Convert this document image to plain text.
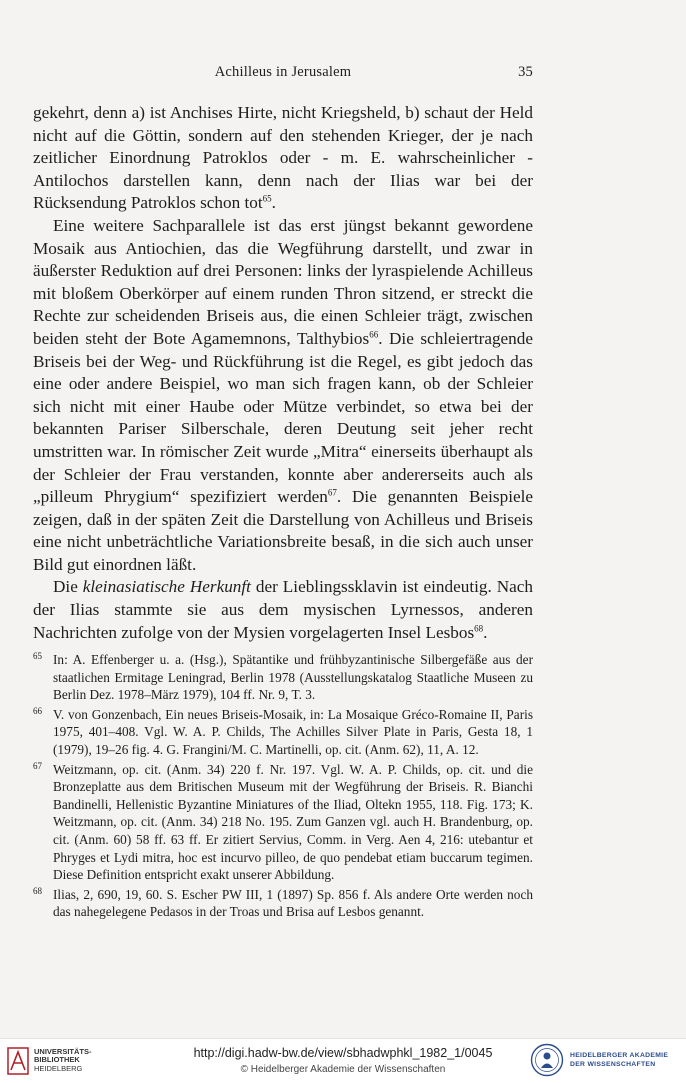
Achilleus in Jerusalem	35

gekehrt, denn a) ist Anchises Hirte, nicht Kriegsheld, b) schaut der Held nicht auf die Göttin, sondern auf den stehenden Krieger, der je nach zeitlicher Einordnung Patroklos oder - m. E. wahrscheinlicher - Antilochos darstellen kann, denn nach der Ilias war bei der Rücksendung Patroklos schon tot$^{65}$.

Eine weitere Sachparallele ist das erst jüngst bekannt gewordene Mosaik aus Antiochien, das die Wegführung darstellt, und zwar in äußerster Reduktion auf drei Personen: links der lyraspielende Achilleus mit bloßem Oberkörper auf einem runden Thron sitzend, er streckt die Rechte zur scheidenden Briseis aus, die einen Schleier trägt, zwischen beiden steht der Bote Agamemnons, Talthybios$^{66}$. Die schleiertragende Briseis bei der Weg- und Rückführung ist die Regel, es gibt jedoch das eine oder andere Beispiel, wo man sich fragen kann, ob der Schleier sich nicht mit einer Haube oder Mütze verbindet, so etwa bei der bekannten Pariser Silberschale, deren Deutung seit jeher recht umstritten war. In römischer Zeit wurde „Mitra“ einerseits überhaupt als der Schleier der Frau verstanden, konnte aber andererseits auch als „pilleum Phrygium“ spezifiziert werden$^{67}$. Die genannten Beispiele zeigen, daß in der späten Zeit die Darstellung von Achilleus und Briseis eine nicht unbeträchtliche Variationsbreite besaß, in die sich auch unser Bild gut einordnen läßt.

Die kleinasiatische Herkunft der Lieblingssklavin ist eindeutig. Nach der Ilias stammte sie aus dem mysischen Lyrnessos, anderen Nachrichten zufolge von der Mysien vorgelagerten Insel Lesbos$^{68}$.

65 In: A. Effenberger u. a. (Hsg.), Spätantike und frühbyzantinische Silbergefäße aus der staatlichen Ermitage Leningrad, Berlin 1978 (Ausstellungskatalog Staatliche Museen zu Berlin Dez. 1978–März 1979), 104 ff. Nr. 9, T. 3.
66 V. von Gonzenbach, Ein neues Briseis-Mosaik, in: La Mosaique Gréco-Romaine II, Paris 1975, 401–408. Vgl. W. A. P. Childs, The Achilles Silver Plate in Paris, Gesta 18, 1 (1979), 19–26 fig. 4. G. Frangini/M. C. Martinelli, op. cit. (Anm. 62), 11, A. 12.
67 Weitzmann, op. cit. (Anm. 34) 220 f. Nr. 197. Vgl. W. A. P. Childs, op. cit. und die Bronzeplatte aus dem Britischen Museum mit der Wegführung der Briseis. R. Bianchi Bandinelli, Hellenistic Byzantine Miniatures of the Iliad, Oltekn 1955, 118. Fig. 173; K. Weitzmann, op. cit. (Anm. 34) 218 No. 195. Zum Ganzen vgl. auch H. Brandenburg, op. cit. (Anm. 60) 58 ff. 63 ff. Er zitiert Servius, Comm. in Verg. Aen 4, 216: utebantur et Phryges et Lydi mitra, hoc est incurvo pilleo, de quo pendebat etiam buccarum tegimen. Diese Definition entspricht exakt unserer Abbildung.
68 Ilias, 2, 690, 19, 60. S. Escher PW III, 1 (1897) Sp. 856 f. Als andere Orte werden noch das nahegelegene Pedasos in der Troas und Brisa auf Lesbos genannt.
UNIVERSITÄTS-
BIBLIOTHEK
HEIDELBERG
http://digi.hadw-bw.de/view/sbhadwphkl_1982_1/0045
© Heidelberger Akademie der Wissenschaften
HEIDELBERGER AKADEMIE
DER WISSENSCHAFTEN
